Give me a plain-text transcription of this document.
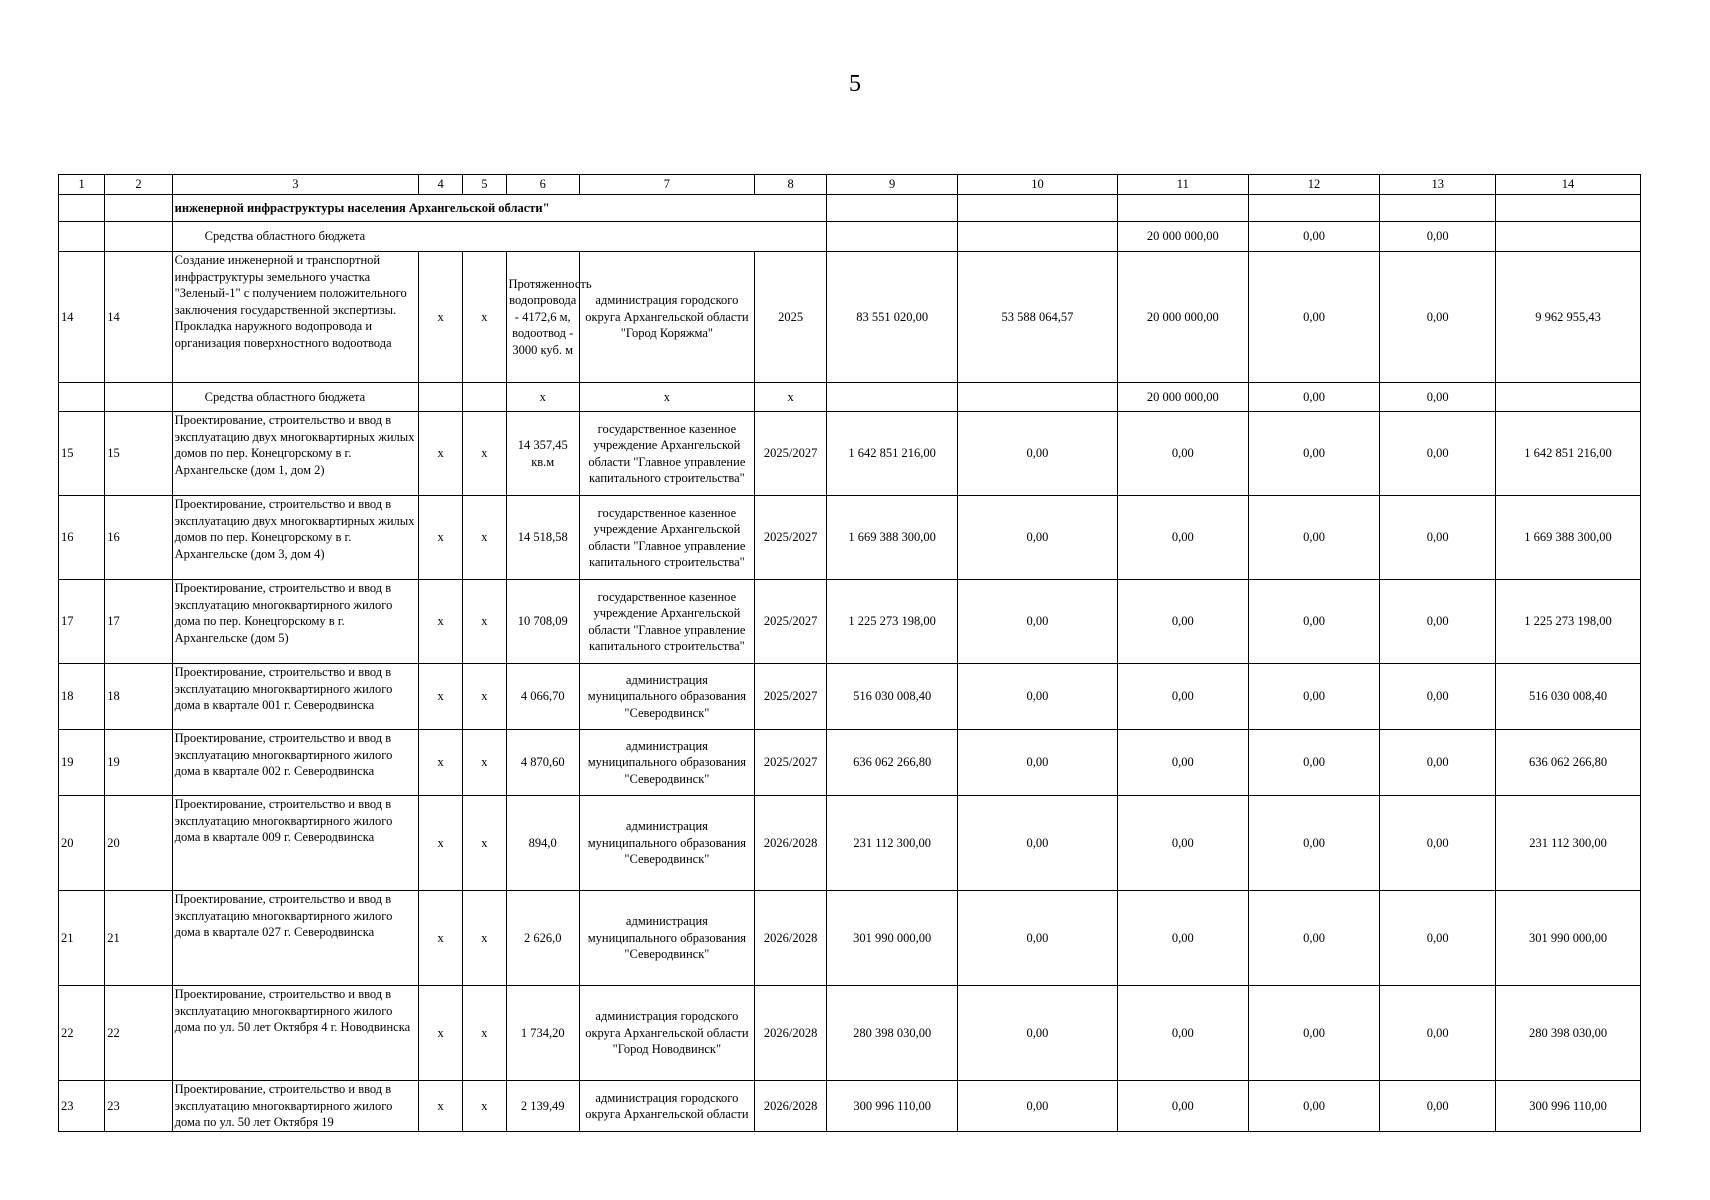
5
1	2	3	4	5	6	7	8	9	10	11	12	13	14
		инженерной инфраструктуры населения Архангельской области"											
		Средства областного бюджета								20 000 000,00	0,00	0,00	
14	14	Создание инженерной и транспортной инфраструктуры земельного участка "Зеленый-1" с получением положительного заключения государственной экспертизы. Прокладка наружного водопровода и организация поверхностного водоотвода	х	х	Протяженность водопровода - 4172,6 м, водоотвод - 3000 куб. м	администрация городского округа Архангельской области "Город Коряжма"	2025	83 551 020,00	53 588 064,57	20 000 000,00	0,00	0,00	9 962 955,43
		Средства областного бюджета			х	х	х			20 000 000,00	0,00	0,00	
15	15	Проектирование, строительство и ввод в эксплуатацию двух многоквартирных жилых домов по пер. Конецгорскому в г. Архангельске (дом 1, дом 2)	х	х	14 357,45 кв.м	государственное казенное учреждение Архангельской области "Главное управление капитального строительства"	2025/2027	1 642 851 216,00	0,00	0,00	0,00	0,00	1 642 851 216,00
16	16	Проектирование, строительство и ввод в эксплуатацию двух многоквартирных жилых домов по пер. Конецгорскому в г. Архангельске (дом 3, дом 4)	х	х	14 518,58	государственное казенное учреждение Архангельской области "Главное управление капитального строительства"	2025/2027	1 669 388 300,00	0,00	0,00	0,00	0,00	1 669 388 300,00
17	17	Проектирование, строительство и ввод в эксплуатацию многоквартирного жилого дома по пер. Конецгорскому в г. Архангельске (дом 5)	х	х	10 708,09	государственное казенное учреждение Архангельской области "Главное управление капитального строительства"	2025/2027	1 225 273 198,00	0,00	0,00	0,00	0,00	1 225 273 198,00
18	18	Проектирование, строительство и ввод в эксплуатацию многоквартирного жилого дома в квартале 001 г. Северодвинска	х	х	4 066,70	администрация муниципального образования "Северодвинск"	2025/2027	516 030 008,40	0,00	0,00	0,00	0,00	516 030 008,40
19	19	Проектирование, строительство и ввод в эксплуатацию многоквартирного жилого дома в квартале 002 г. Северодвинска	х	х	4 870,60	администрация муниципального образования "Северодвинск"	2025/2027	636 062 266,80	0,00	0,00	0,00	0,00	636 062 266,80
20	20	Проектирование, строительство и ввод в эксплуатацию многоквартирного жилого дома в квартале 009 г. Северодвинска	х	х	894,0	администрация муниципального образования "Северодвинск"	2026/2028	231 112 300,00	0,00	0,00	0,00	0,00	231 112 300,00
21	21	Проектирование, строительство и ввод в эксплуатацию многоквартирного жилого дома в квартале 027 г. Северодвинска	х	х	2 626,0	администрация муниципального образования "Северодвинск"	2026/2028	301 990 000,00	0,00	0,00	0,00	0,00	301 990 000,00
22	22	Проектирование, строительство и ввод в эксплуатацию многоквартирного жилого дома по ул. 50 лет Октября 4 г. Новодвинска	х	х	1 734,20	администрация городского округа Архангельской области "Город Новодвинск"	2026/2028	280 398 030,00	0,00	0,00	0,00	0,00	280 398 030,00
23	23	Проектирование, строительство и ввод в эксплуатацию многоквартирного жилого дома по ул. 50 лет Октября 19	х	х	2 139,49	администрация городского округа Архангельской области	2026/2028	300 996 110,00	0,00	0,00	0,00	0,00	300 996 110,00
